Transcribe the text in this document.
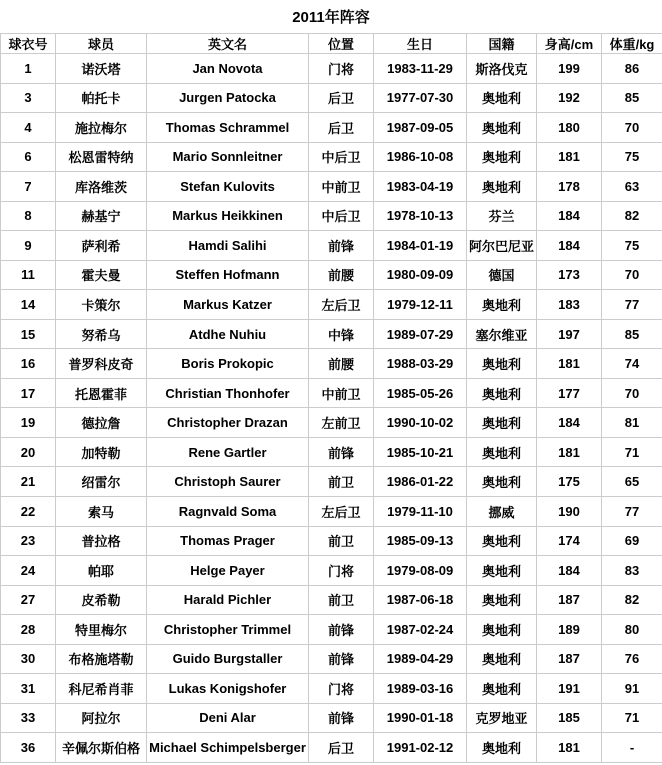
2011年阵容
球衣号	球员	英文名	位置	生日	国籍	身高/cm	体重/kg
1	诺沃塔	Jan Novota	门将	1983-11-29	斯洛伐克	199	86
3	帕托卡	Jurgen Patocka	后卫	1977-07-30	奥地利	192	85
4	施拉梅尔	Thomas Schrammel	后卫	1987-09-05	奥地利	180	70
6	松恩雷特纳	Mario Sonnleitner	中后卫	1986-10-08	奥地利	181	75
7	库洛维茨	Stefan Kulovits	中前卫	1983-04-19	奥地利	178	63
8	赫基宁	Markus Heikkinen	中后卫	1978-10-13	芬兰	184	82
9	萨利希	Hamdi Salihi	前锋	1984-01-19	阿尔巴尼亚	184	75
11	霍夫曼	Steffen Hofmann	前腰	1980-09-09	德国	173	70
14	卡策尔	Markus Katzer	左后卫	1979-12-11	奥地利	183	77
15	努希乌	Atdhe Nuhiu	中锋	1989-07-29	塞尔维亚	197	85
16	普罗科皮奇	Boris Prokopic	前腰	1988-03-29	奥地利	181	74
17	托恩霍菲	Christian Thonhofer	中前卫	1985-05-26	奥地利	177	70
19	德拉詹	Christopher Drazan	左前卫	1990-10-02	奥地利	184	81
20	加特勒	Rene Gartler	前锋	1985-10-21	奥地利	181	71
21	绍雷尔	Christoph Saurer	前卫	1986-01-22	奥地利	175	65
22	索马	Ragnvald Soma	左后卫	1979-11-10	挪威	190	77
23	普拉格	Thomas Prager	前卫	1985-09-13	奥地利	174	69
24	帕耶	Helge Payer	门将	1979-08-09	奥地利	184	83
27	皮希勒	Harald Pichler	前卫	1987-06-18	奥地利	187	82
28	特里梅尔	Christopher Trimmel	前锋	1987-02-24	奥地利	189	80
30	布格施塔勒	Guido Burgstaller	前锋	1989-04-29	奥地利	187	76
31	科尼希肖菲	Lukas Konigshofer	门将	1989-03-16	奥地利	191	91
33	阿拉尔	Deni Alar	前锋	1990-01-18	克罗地亚	185	71
36	辛佩尔斯伯格	Michael Schimpelsberger	后卫	1991-02-12	奥地利	181	-
